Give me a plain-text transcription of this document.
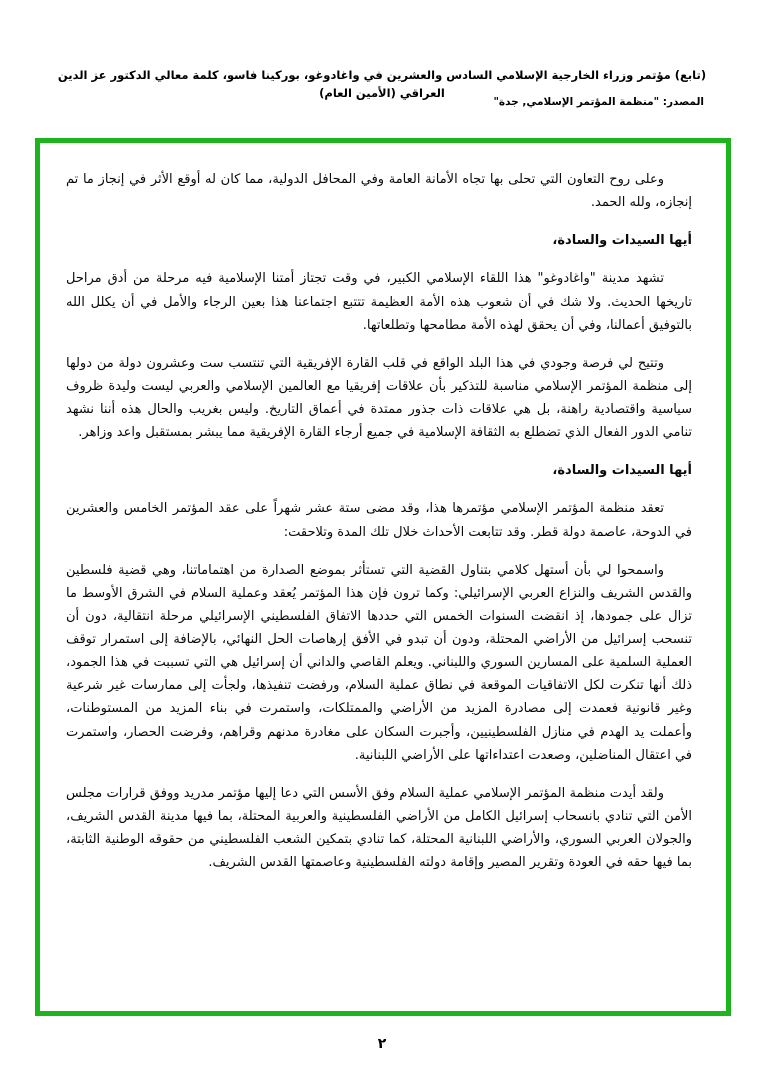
(تابع) مؤتمر وزراء الخارجية الإسلامي السادس والعشرين في واغادوغو، بوركينا فاسو، كلمة معالي الدكتور عز الدين العراقي (الأمين العام)
المصدر: "منظمة المؤتمر الإسلامي, جدة"

وعلى روح التعاون التي تحلى بها تجاه الأمانة العامة وفي المحافل الدولية، مما كان له أوقع الأثر في إنجاز ما تم إنجازه، ولله الحمد.

أيها السيدات والسادة،

تشهد مدينة "واغادوغو" هذا اللقاء الإسلامي الكبير، في وقت تجتاز أمتنا الإسلامية فيه مرحلة من أدق مراحل تاريخها الحديث. ولا شك في أن شعوب هذه الأمة العظيمة تتتبع اجتماعنا هذا بعين الرجاء والأمل في أن يكلل الله بالتوفيق أعمالنا، وفي أن يحقق لهذه الأمة مطامحها وتطلعاتها.

وتتيح لي فرصة وجودي في هذا البلد الواقع في قلب القارة الإفريقية التي تنتسب ست وعشرون دولة من دولها إلى منظمة المؤتمر الإسلامي مناسبة للتذكير بأن علاقات إفريقيا مع العالمين الإسلامي والعربي ليست وليدة ظروف سياسية واقتصادية راهنة، بل هي علاقات ذات جذور ممتدة في أعماق التاريخ. وليس بغريب والحال هذه أننا نشهد تنامي الدور الفعال الذي تضطلع به الثقافة الإسلامية في جميع أرجاء القارة الإفريقية مما يبشر بمستقبل واعد وزاهر.

أيها السيدات والسادة،

تعقد منظمة المؤتمر الإسلامي مؤتمرها هذا، وقد مضى ستة عشر شهراً على عقد المؤتمر الخامس والعشرين في الدوحة، عاصمة دولة قطر. وقد تتابعت الأحداث خلال تلك المدة وتلاحقت:

واسمحوا لي بأن أستهل كلامي بتناول القضية التي تستأثر بموضع الصدارة من اهتماماتنا، وهي قضية فلسطين والقدس الشريف والنزاع العربي الإسرائيلي: وكما ترون فإن هذا المؤتمر يُعقد وعملية السلام في الشرق الأوسط ما تزال على جمودها، إذ انقضت السنوات الخمس التي حددها الاتفاق الفلسطيني الإسرائيلي مرحلة انتقالية، دون أن تنسحب إسرائيل من الأراضي المحتلة، ودون أن تبدو في الأفق إرهاصات الحل النهائي، بالإضافة إلى استمرار توقف العملية السلمية على المسارين السوري واللبناني. ويعلم القاصي والداني أن إسرائيل هي التي تسببت في هذا الجمود، ذلك أنها تنكرت لكل الاتفاقيات الموقعة في نطاق عملية السلام، ورفضت تنفيذها، ولجأت إلى ممارسات غير شرعية وغير قانونية فعمدت إلى مصادرة المزيد من الأراضي والممتلكات، واستمرت في بناء المزيد من المستوطنات، وأعملت يد الهدم في منازل الفلسطينيين، وأجبرت السكان على مغادرة مدنهم وقراهم، وفرضت الحصار، واستمرت في اعتقال المناضلين، وصعدت اعتداءاتها على الأراضي اللبنانية.

ولقد أيدت منظمة المؤتمر الإسلامي عملية السلام وفق الأسس التي دعا إليها مؤتمر مدريد ووفق قرارات مجلس الأمن التي تنادي بانسحاب إسرائيل الكامل من الأراضي الفلسطينية والعربية المحتلة، بما فيها مدينة القدس الشريف، والجولان العربي السوري، والأراضي اللبنانية المحتلة، كما تنادي بتمكين الشعب الفلسطيني من حقوقه الوطنية الثابتة، بما فيها حقه في العودة وتقرير المصير وإقامة دولته الفلسطينية وعاصمتها القدس الشريف.

٢
